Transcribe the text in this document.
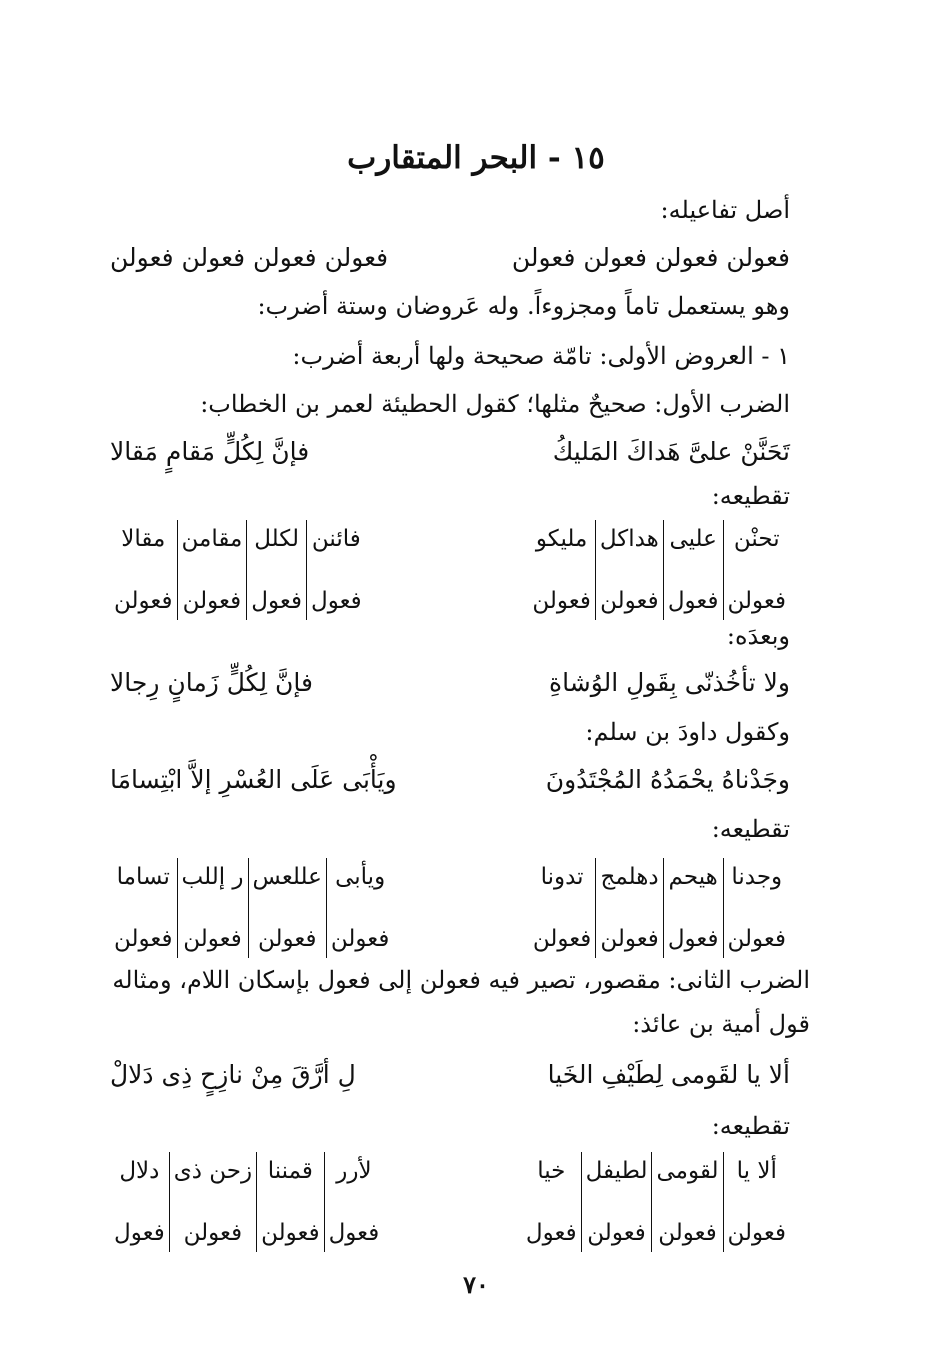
١٥ - البحر المتقارب
أصل تفاعيله:
فعولن فعولن فعولن فعولن
فعولن فعولن فعولن فعولن
وهو يستعمل تاماً ومجزوءاً. وله عَروضان وستة أضرب:
١ - العروض الأولى: تامّة صحيحة ولها أربعة أضرب:
الضرب الأول: صحيحٌ مثلها؛ كقول الحطيئة لعمر بن الخطاب:
تَحَنَّنْ علىَّ هَداكَ المَليكُ
فإنَّ لِكُلٍّ مَقامٍ مَقالا
تقطيعه:
تحنْن
فعولن
عليى
فعول
هداكل
فعولن
مليكو
فعولن
فائنن
فعول
لكلل
فعول
مقامن
فعولن
مقالا
فعولن
وبعدَه:
ولا تأخُذنّى بِقَولِ الوُشاةِ
فإنَّ لِكُلٍّ زَمانٍ رِجالا
وكقول داودَ بن سلم:
وجَدْناهُ يحْمَدُهُ المُجْتَدُونَ
ويَأْبَى عَلَى العُسْرِ إلاَّ ابْتِسامَا
تقطيعه:
وجدنا
فعولن
هيحم
فعول
دهلمج
فعولن
تدونا
فعولن
ويأبى
فعولن
عللعس
فعولن
ر إللب
فعولن
تساما
فعولن
الضرب الثانى: مقصور، تصير فيه فعولن إلى فعول بإسكان اللام، ومثاله
قول أمية بن عائذ:
ألا يا لقَومى لِطَيْفِ الخَيا
لِ أرَّقَ مِنْ نازِحٍ ذِى دَلالْ
تقطيعه:
ألا يا
فعولن
لقومى
فعولن
لطيفل
فعولن
خيا
فعول
لأرر
فعول
قمننا
فعولن
زحن ذى
فعولن
دلال
فعول
٧٠
